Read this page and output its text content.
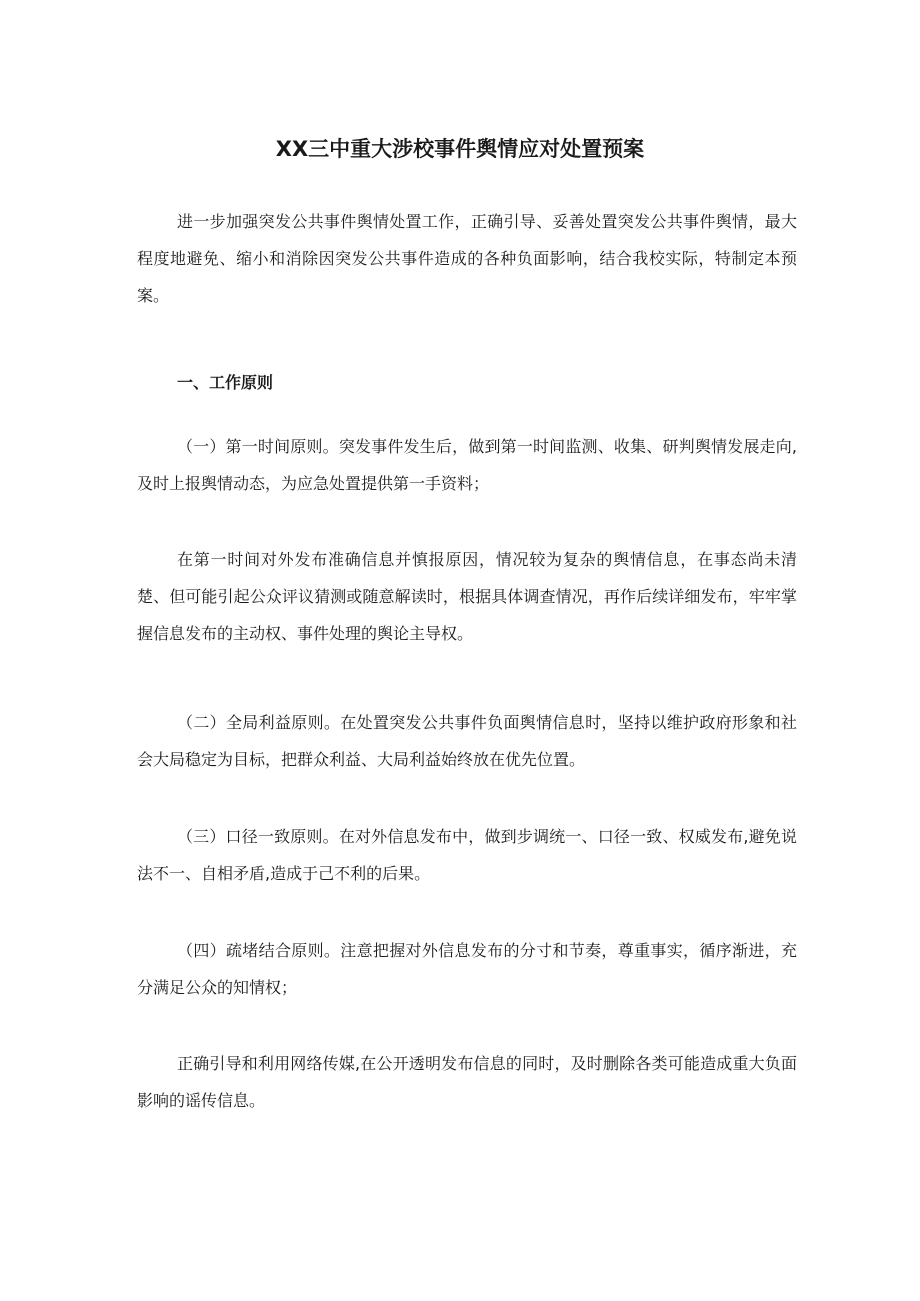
XX三中重大涉校事件舆情应对处置预案

进一步加强突发公共事件舆情处置工作，正确引导、妥善处置突发公共事件舆情，最大程度地避免、缩小和消除因突发公共事件造成的各种负面影响，结合我校实际，特制定本预案。

一、工作原则

（一）第一时间原则。突发事件发生后，做到第一时间监测、收集、研判舆情发展走向,及时上报舆情动态，为应急处置提供第一手资料；

在第一时间对外发布准确信息并慎报原因，情况较为复杂的舆情信息，在事态尚未清楚、但可能引起公众评议猜测或随意解读时，根据具体调查情况，再作后续详细发布，牢牢掌握信息发布的主动权、事件处理的舆论主导权。

（二）全局利益原则。在处置突发公共事件负面舆情信息时，坚持以维护政府形象和社会大局稳定为目标，把群众利益、大局利益始终放在优先位置。

（三）口径一致原则。在对外信息发布中，做到步调统一、口径一致、权威发布,避免说法不一、自相矛盾,造成于己不利的后果。

（四）疏堵结合原则。注意把握对外信息发布的分寸和节奏，尊重事实，循序渐进，充分满足公众的知情权；

正确引导和利用网络传媒,在公开透明发布信息的同时，及时删除各类可能造成重大负面影响的谣传信息。
